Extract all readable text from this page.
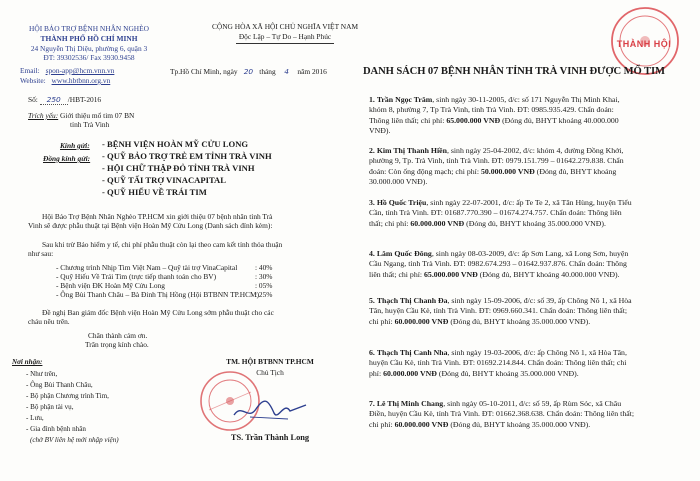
HỘI BẢO TRỢ BỆNH NHÂN NGHÈO
THÀNH PHỐ HỒ CHÍ MINH
24 Nguyễn Thị Diệu, phường 6, quận 3
ĐT: 39302536/ Fax 3930.9458
Email: spon-app@hcm.vnn.vn
Website: www.hbtbnn.org.vn
CỘNG HÒA XÃ HỘI CHỦ NGHĨA VIỆT NAM
Độc Lập – Tự Do – Hạnh Phúc
Số: 250 /HBT-2016
Tp.Hồ Chí Minh, ngày 20 tháng 4 năm 2016
Trích yếu: Giới thiệu mổ tim 07 BN
tỉnh Trà Vinh
Kính gửi:
Đồng kính gửi:
- BỆNH VIỆN HOÀN MỸ CỬU LONG
- QUỸ BẢO TRỢ TRẺ EM TỈNH TRÀ VINH
- HỘI CHỮ THẬP ĐỎ TỈNH TRÀ VINH
- QUỸ TẤI TRỢ VINACAPITAL
- QUỸ HIẾU VỀ TRÁI TIM
Hội Bảo Trợ Bệnh Nhân Nghèo TP.HCM xin giới thiệu 07 bệnh nhân tỉnh Trà
Vinh sẽ được phẫu thuật tại Bệnh viện Hoàn Mỹ Cửu Long (Danh sách đính kèm):
Sau khi trừ Bảo hiểm y tế, chi phí phẫu thuật còn lại theo cam kết tỉnh thỏa thuận
như sau:
- Chương trình Nhịp Tim Việt Nam – Quỹ tài trợ VinaCapital : 40%
- Quỹ Hiếu Về Trái Tim (trực tiếp thanh toán cho BV)	: 30%
- Bệnh viện ĐK Hoàn Mỹ Cửu Long	: 05%
- Ông Bùi Thanh Châu – Bà Đinh Thị Hồng (Hội BTBNN TP.HCM)
: 25%
Đề nghị Ban giám đốc Bệnh viện Hoàn Mỹ Cửu Long sớm phẫu thuật cho các
cháu nêu trên.
Chân thành cảm ơn.
Trân trọng kính chào.
Nơi nhận:
- Như trên,
- Ông Bùi Thanh Châu,
- Bộ phận Chương trình Tim,
- Bộ phận tài vụ,
- Lưu,
- Gia đình bệnh nhân
(chờ BV liên hệ mới nhập viện)
TM. HỘI BTBNN TP.HCM
Chủ Tịch
TS. Trần Thành Long
THÀNH HỘI
DANH SÁCH 07 BỆNH NHÂN TỈNH TRÀ VINH ĐƯỢC MỔ TIM
1. Trần Ngọc Trâm, sinh ngày 30-11-2005, đ/c: số 171 Nguyễn Thị Minh Khai,
khóm 8, phường 7, Tp Trà Vinh, tỉnh Trà Vinh. ĐT: 0985.935.429. Chẩn đoán:
Thông liên thất; chi phí: 65.000.000 VNĐ (Đóng đủ, BHYT khoảng 40.000.000
VNĐ).
2. Kim Thị Thanh Hiền, sinh ngày 25-04-2002, đ/c: khóm 4, đường Đồng Khởi,
phường 9, Tp. Trà Vinh, tỉnh Trà Vinh. ĐT: 0979.151.799 – 01642.279.838. Chẩn
đoán: Còn ống động mạch; chi phí: 50.000.000 VNĐ (Đóng đủ, BHYT khoảng
30.000.000 VNĐ).
3. Hồ Quốc Triệu, sinh ngày 22-07-2001, đ/c: ấp Te Te 2, xã Tân Hùng, huyện Tiểu
Cần, tỉnh Trà Vinh. ĐT: 01687.770.390 – 01674.274.757. Chẩn đoán: Thông liên
thất; chi phí: 60.000.000 VNĐ (Đóng đủ, BHYT khoảng 35.000.000 VNĐ).
4. Lâm Quốc Đông, sinh ngày 08-03-2009, đ/c: ấp Sơn Lang, xã Long Sơn, huyện
Cầu Ngang, tỉnh Trà Vinh. ĐT: 0982.674.293 – 01642.937.876. Chẩn đoán: Thông
liên thất; chi phí: 65.000.000 VNĐ (Đóng đủ, BHYT khoảng 40.000.000 VNĐ).
5. Thạch Thị Chanh Đa, sinh ngày 15-09-2006, đ/c: số 39, ấp Chông Nô 1, xã Hòa
Tân, huyện Cầu Kè, tỉnh Trà Vinh. ĐT: 0969.660.341. Chẩn đoán: Thông liên thất;
chi phí: 60.000.000 VNĐ (Đóng đủ, BHYT khoảng 35.000.000 VNĐ).
6. Thạch Thị Canh Nha, sinh ngày 19-03-2006, đ/c: ấp Chông Nô 1, xã Hòa Tân,
huyện Cầu Kè, tỉnh Trà Vinh. ĐT: 01692.214.844. Chẩn đoán: Thông liên thất; chi
phí: 60.000.000 VNĐ (Đóng đủ, BHYT khoảng 35.000.000 VNĐ).
7. Lê Thị Minh Chang, sinh ngày 05-10-2011, đ/c: số 59, ấp Rùm Sóc, xã Châu
Điền, huyện Cầu Kè, tỉnh Trà Vinh. ĐT: 01662.368.638. Chẩn đoán: Thông liên thất;
chi phí: 60.000.000 VNĐ (Đóng đủ, BHYT khoảng 35.000.000 VNĐ).
